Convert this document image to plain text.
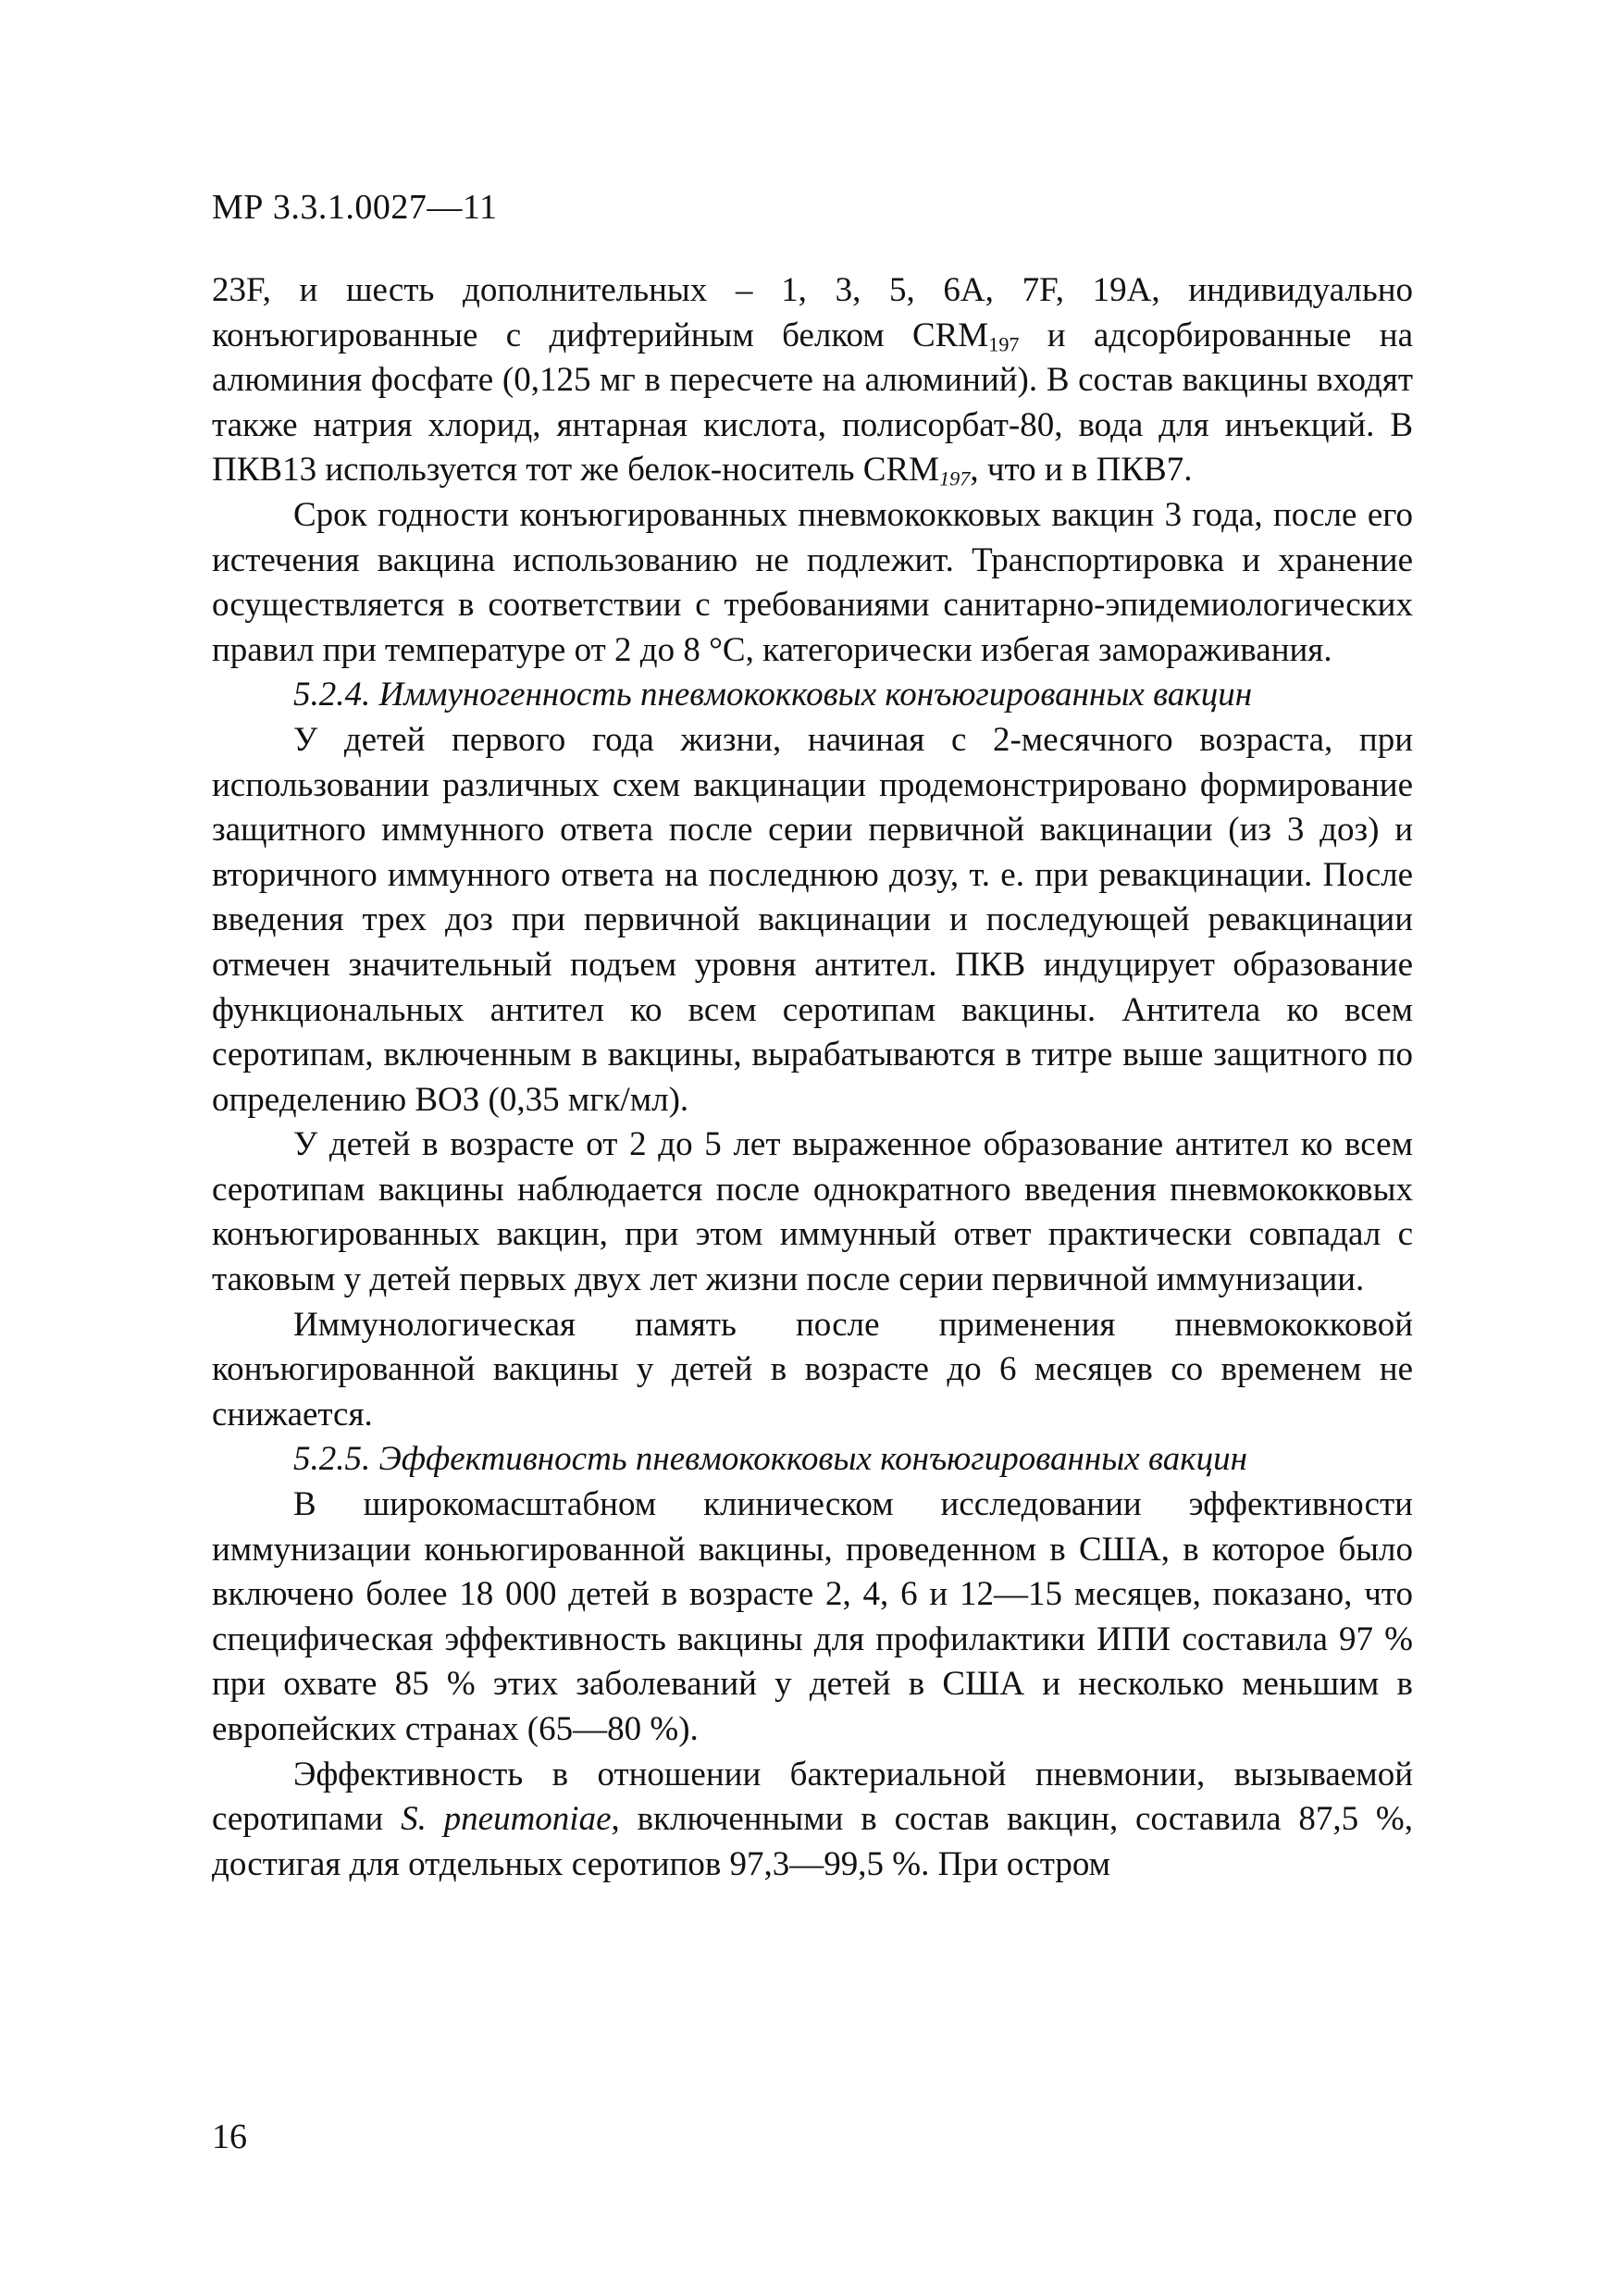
МР 3.3.1.0027—11

23F, и шесть дополнительных – 1, 3, 5, 6A, 7F, 19A, индивидуально конъюгированные с дифтерийным белком $CRM_{197}$ и адсорбированные на алюминия фосфате (0,125 мг в пересчете на алюминий). В состав вакцины входят также натрия хлорид, янтарная кислота, полисорбат-80, вода для инъекций. В ПКВ13 используется тот же белок-носитель $CRM_{197}$, что и в ПКВ7.

Срок годности конъюгированных пневмококковых вакцин 3 года, после его истечения вакцина использованию не подлежит. Транспортировка и хранение осуществляется в соответствии с требованиями санитарно-эпидемиологических правил при температуре от 2 до 8 °С, категорически избегая замораживания.

5.2.4. Иммуногенность пневмококковых конъюгированных вакцин

У детей первого года жизни, начиная с 2-месячного возраста, при использовании различных схем вакцинации продемонстрировано формирование защитного иммунного ответа после серии первичной вакцинации (из 3 доз) и вторичного иммунного ответа на последнюю дозу, т. е. при ревакцинации. После введения трех доз при первичной вакцинации и последующей ревакцинации отмечен значительный подъем уровня антител. ПКВ индуцирует образование функциональных антител ко всем серотипам вакцины. Антитела ко всем серотипам, включенным в вакцины, вырабатываются в титре выше защитного по определению ВОЗ (0,35 мгк/мл).

У детей в возрасте от 2 до 5 лет выраженное образование антител ко всем серотипам вакцины наблюдается после однократного введения пневмококковых конъюгированных вакцин, при этом иммунный ответ практически совпадал с таковым у детей первых двух лет жизни после серии первичной иммунизации.

Иммунологическая память после применения пневмококковой конъюгированной вакцины у детей в возрасте до 6 месяцев со временем не снижается.

5.2.5. Эффективность пневмококковых конъюгированных вакцин

В широкомасштабном клиническом исследовании эффективности иммунизации коньюгированной вакцины, проведенном в США, в которое было включено более 18 000 детей в возрасте 2, 4, 6 и 12—15 месяцев, показано, что специфическая эффективность вакцины для профилактики ИПИ составила 97 % при охвате 85 % этих заболеваний у детей в США и несколько меньшим в европейских странах (65—80 %).

Эффективность в отношении бактериальной пневмонии, вызываемой серотипами S. pneumoniae, включенными в состав вакцин, составила 87,5 %, достигая для отдельных серотипов 97,3—99,5 %. При остром

16
